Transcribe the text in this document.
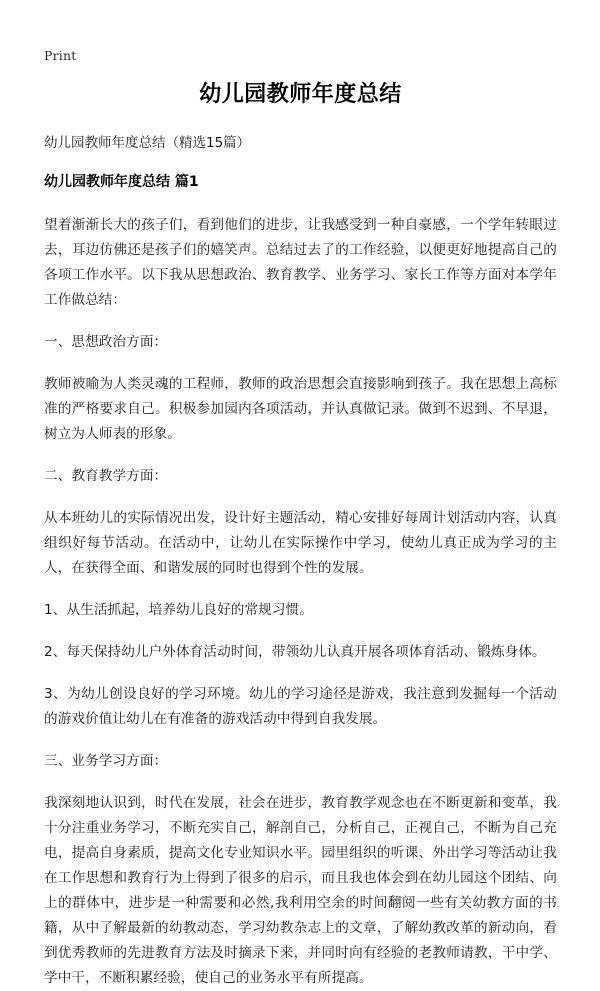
Print
幼儿园教师年度总结
幼儿园教师年度总结（精选15篇）
幼儿园教师年度总结 篇1
望着渐渐长大的孩子们，看到他们的进步，让我感受到一种自豪感，一个学年转眼过去，耳边仿佛还是孩子们的嬉笑声。总结过去了的工作经验，以便更好地提高自己的各项工作水平。以下我从思想政治、教育教学、业务学习、家长工作等方面对本学年工作做总结：
一、思想政治方面：
教师被喻为人类灵魂的工程师，教师的政治思想会直接影响到孩子。我在思想上高标准的严格要求自己。积极参加园内各项活动，并认真做记录。做到不迟到、不早退，树立为人师表的形象。
二、教育教学方面：
从本班幼儿的实际情况出发，设计好主题活动，精心安排好每周计划活动内容，认真组织好每节活动。在活动中，让幼儿在实际操作中学习，使幼儿真正成为学习的主人，在获得全面、和谐发展的同时也得到个性的发展。
1、从生活抓起，培养幼儿良好的常规习惯。
2、每天保持幼儿户外体育活动时间，带领幼儿认真开展各项体育活动、锻炼身体。
3、为幼儿创设良好的学习环境。幼儿的学习途径是游戏，我注意到发掘每一个活动的游戏价值让幼儿在有准备的游戏活动中得到自我发展。
三、业务学习方面：
我深刻地认识到，时代在发展，社会在进步，教育教学观念也在不断更新和变革，我十分注重业务学习，不断充实自己，解剖自己，分析自己，正视自己，不断为自己充电，提高自身素质，提高文化专业知识水平。园里组织的听课、外出学习等活动让我在工作思想和教育行为上得到了很多的启示，而且我也体会到在幼儿园这个团结、向上的群体中，进步是一种需要和必然,我利用空余的时间翻阅一些有关幼教方面的书籍，从中了解最新的幼教动态，学习幼教杂志上的文章，了解幼教改革的新动向，看到优秀教师的先进教育方法及时摘录下来，并同时向有经验的老教师请教，干中学、学中干，不断积累经验，使自己的业务水平有所提高。
